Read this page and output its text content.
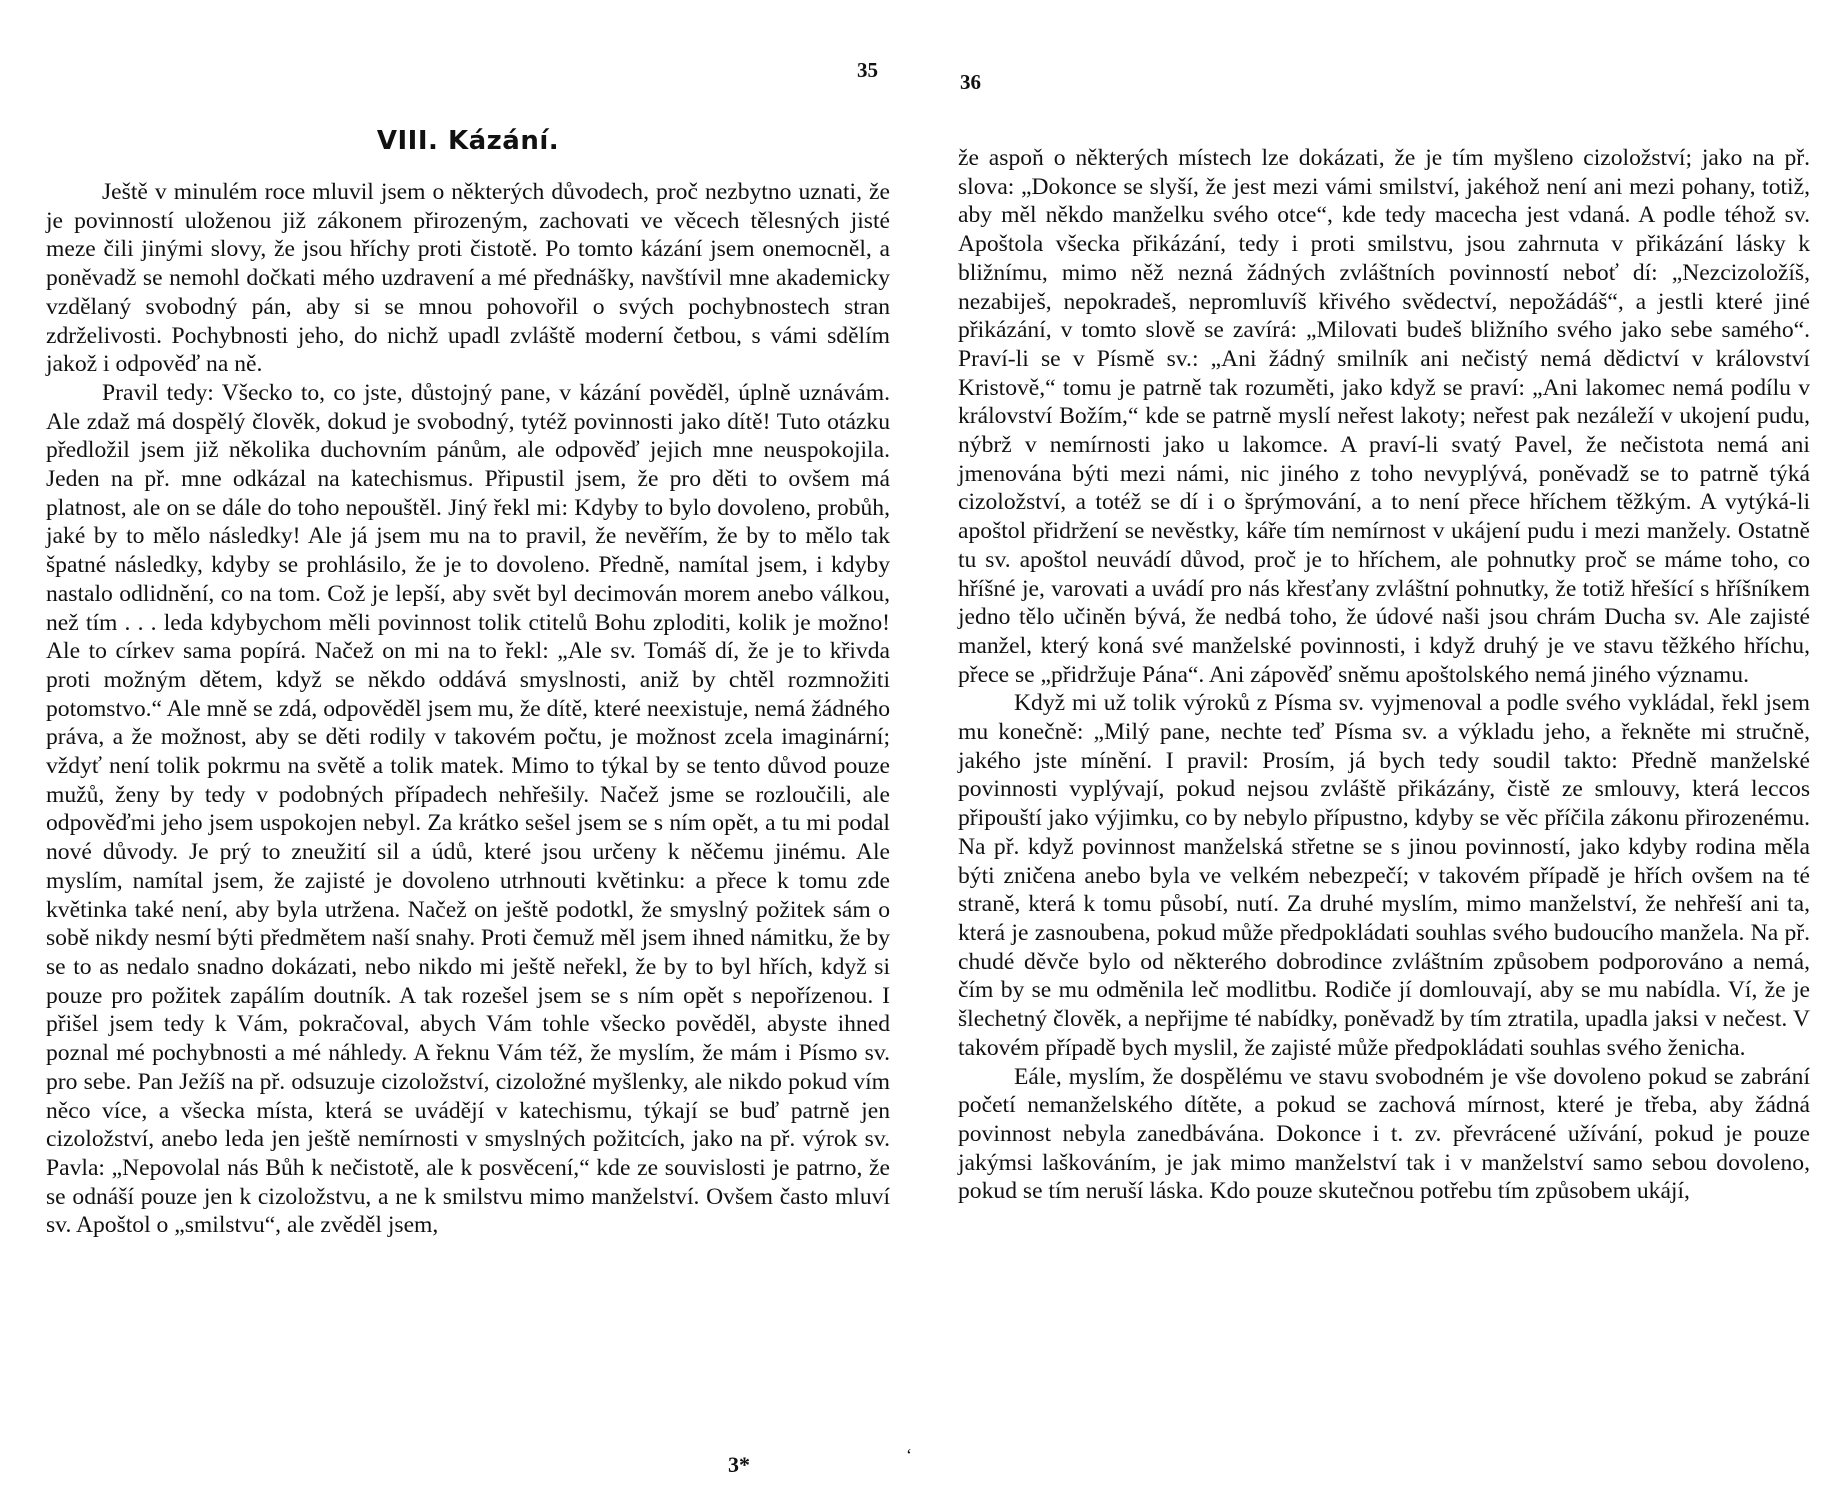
35
VIII. Kázání.

Ještě v minulém roce mluvil jsem o některých důvodech, proč nezbytno uznati, že je povinností uloženou již zákonem přirozeným, zachovati ve věcech tělesných jisté meze čili jinými slovy, že jsou hříchy proti čistotě. Po tomto kázání jsem onemocněl, a poněvadž se nemohl dočkati mého uzdravení a mé přednášky, navštívil mne akademicky vzdělaný svobodný pán, aby si se mnou pohovořil o svých pochybnostech stran zdrželivosti. Pochybnosti jeho, do nichž upadl zvláště moderní četbou, s vámi sdělím jakož i odpověď na ně.

Pravil tedy: Všecko to, co jste, důstojný pane, v kázání pověděl, úplně uznávám. Ale zdaž má dospělý člověk, dokud je svobodný, tytéž povinnosti jako dítě! Tuto otázku předložil jsem již několika duchovním pánům, ale odpověď jejich mne neuspokojila. Jeden na př. mne odkázal na katechismus. Připustil jsem, že pro děti to ovšem má platnost, ale on se dále do toho nepouštěl. Jiný řekl mi: Kdyby to bylo dovoleno, probůh, jaké by to mělo následky! Ale já jsem mu na to pravil, že nevěřím, že by to mělo tak špatné následky, kdyby se prohlásilo, že je to dovoleno. Předně, namítal jsem, i kdyby nastalo odlidnění, co na tom. Což je lepší, aby svět byl decimován morem anebo válkou, než tím . . . leda kdybychom měli povinnost tolik ctitelů Bohu zploditi, kolik je možno! Ale to církev sama popírá. Načež on mi na to řekl: „Ale sv. Tomáš dí, že je to křivda proti možným dětem, když se někdo oddává smyslnosti, aniž by chtěl rozmnožiti potomstvo.“ Ale mně se zdá, odpověděl jsem mu, že dítě, které neexistuje, nemá žádného práva, a že možnost, aby se děti rodily v takovém počtu, je možnost zcela imaginární; vždyť není tolik pokrmu na světě a tolik matek. Mimo to týkal by se tento důvod pouze mužů, ženy by tedy v podobných případech nehřešily. Načež jsme se rozloučili, ale odpověďmi jeho jsem uspokojen nebyl. Za krátko sešel jsem se s ním opět, a tu mi podal nové důvody. Je prý to zneužití sil a údů, které jsou určeny k něčemu jinému. Ale myslím, namítal jsem, že zajisté je dovoleno utrhnouti květinku: a přece k tomu zde květinka také není, aby byla utržena. Načež on ještě podotkl, že smyslný požitek sám o sobě nikdy nesmí býti předmětem naší snahy. Proti čemuž měl jsem ihned námitku, že by se to as nedalo snadno dokázati, nebo nikdo mi ještě neřekl, že by to byl hřích, když si pouze pro požitek zapálím doutník. A tak rozešel jsem se s ním opět s nepořízenou. I přišel jsem tedy k Vám, pokračoval, abych Vám tohle všecko pověděl, abyste ihned poznal mé pochybnosti a mé náhledy. A řeknu Vám též, že myslím, že mám i Písmo sv. pro sebe. Pan Ježíš na př. odsuzuje cizoložství, cizoložné myšlenky, ale nikdo pokud vím něco více, a všecka místa, která se uvádějí v katechismu, týkají se buď patrně jen cizoložství, anebo leda jen ještě nemírnosti v smyslných požitcích, jako na př. výrok sv. Pavla: „Nepovolal nás Bůh k nečistotě, ale k posvěcení,“ kde ze souvislosti je patrno, že se odnáší pouze jen k cizoložstvu, a ne k smilstvu mimo manželství. Ovšem často mluví sv. Apoštol o „smilstvu“, ale zvěděl jsem,

3*	‘
36

že aspoň o některých místech lze dokázati, že je tím myšleno cizoložství; jako na př. slova: „Dokonce se slyší, že jest mezi vámi smilství, jakéhož není ani mezi pohany, totiž, aby měl někdo manželku svého otce“, kde tedy macecha jest vdaná. A podle téhož sv. Apoštola všecka přikázání, tedy i proti smilstvu, jsou zahrnuta v přikázání lásky k bližnímu, mimo něž nezná žádných zvláštních povinností neboť dí: „Nezcizoložíš, nezabiješ, nepokradeš, nepromluvíš křivého svědectví, nepožádáš“, a jestli které jiné přikázání, v tomto slově se zavírá: „Milovati budeš bližního svého jako sebe samého“. Praví-li se v Písmě sv.: „Ani žádný smilník ani nečistý nemá dědictví v království Kristově,“ tomu je patrně tak rozuměti, jako když se praví: „Ani lakomec nemá podílu v království Božím,“ kde se patrně myslí neřest lakoty; neřest pak nezáleží v ukojení pudu, nýbrž v nemírnosti jako u lakomce. A praví-li svatý Pavel, že nečistota nemá ani jmenována býti mezi námi, nic jiného z toho nevyplývá, poněvadž se to patrně týká cizoložství, a totéž se dí i o šprýmování, a to není přece hříchem těžkým. A vytýká-li apoštol přidržení se nevěstky, káře tím nemírnost v ukájení pudu i mezi manžely. Ostatně tu sv. apoštol neuvádí důvod, proč je to hříchem, ale pohnutky proč se máme toho, co hříšné je, varovati a uvádí pro nás křesťany zvláštní pohnutky, že totiž hřešící s hříšníkem jedno tělo učiněn bývá, že nedbá toho, že údové naši jsou chrám Ducha sv. Ale zajisté manžel, který koná své manželské povinnosti, i když druhý je ve stavu těžkého hříchu, přece se „přidržuje Pána“. Ani zápověď sněmu apoštolského nemá jiného významu.

Když mi už tolik výroků z Písma sv. vyjmenoval a podle svého vykládal, řekl jsem mu konečně: „Milý pane, nechte teď Písma sv. a výkladu jeho, a řekněte mi stručně, jakého jste mínění. I pravil: Prosím, já bych tedy soudil takto: Předně manželské povinnosti vyplývají, pokud nejsou zvláště přikázány, čistě ze smlouvy, která leccos připouští jako výjimku, co by nebylo přípustno, kdyby se věc příčila zákonu přirozenému. Na př. když povinnost manželská střetne se s jinou povinností, jako kdyby rodina měla býti zničena anebo byla ve velkém nebezpečí; v takovém případě je hřích ovšem na té straně, která k tomu působí, nutí. Za druhé myslím, mimo manželství, že nehřeší ani ta, která je zasnoubena, pokud může předpokládati souhlas svého budoucího manžela. Na př. chudé děvče bylo od některého dobrodince zvláštním způsobem podporováno a nemá, čím by se mu odměnila leč modlitbu. Rodiče jí domlouvají, aby se mu nabídla. Ví, že je šlechetný člověk, a nepřijme té nabídky, poněvadž by tím ztratila, upadla jaksi v nečest. V takovém případě bych myslil, že zajisté může předpokládati souhlas svého ženicha.

Eále, myslím, že dospělému ve stavu svobodném je vše dovoleno pokud se zabrání početí nemanželského dítěte, a pokud se zachová mírnost, které je třeba, aby žádná povinnost nebyla zanedbávána. Dokonce i t. zv. převrácené užívání, pokud je pouze jakýmsi laškováním, je jak mimo manželství tak i v manželství samo sebou dovoleno, pokud se tím neruší láska. Kdo pouze skutečnou potřebu tím způsobem ukájí,
